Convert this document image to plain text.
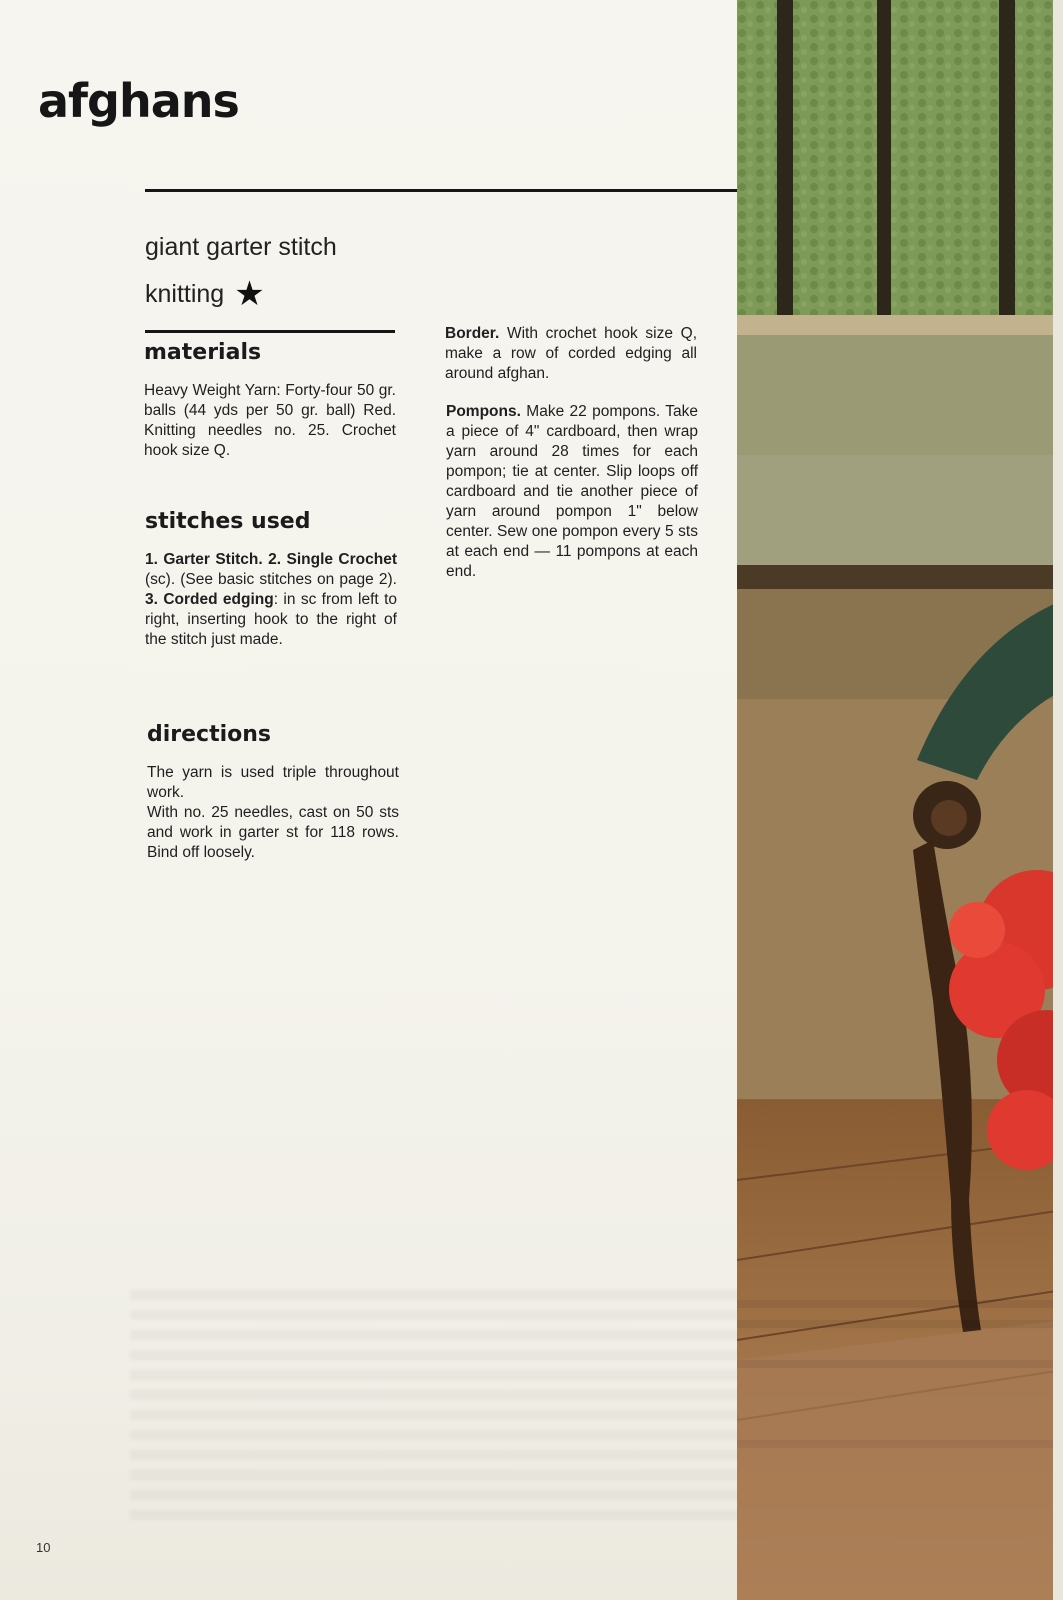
afghans
giant garter stitch
knitting ★
materials

Heavy Weight Yarn: Forty-four 50 gr. balls (44 yds per 50 gr. ball) Red. Knitting needles no. 25. Crochet hook size Q.

stitches used

1. Garter Stitch. 2. Single Crochet (sc). (See basic stitches on page 2). 3. Corded edging: in sc from left to right, inserting hook to the right of the stitch just made.

directions

The yarn is used triple throughout work.

With no. 25 needles, cast on 50 sts and work in garter st for 118 rows. Bind off loosely.

Border. With crochet hook size Q, make a row of corded edging all around afghan.

Pompons. Make 22 pompons. Take a piece of 4" cardboard, then wrap yarn around 28 times for each pompon; tie at center. Slip loops off cardboard and tie another piece of yarn around pompon 1" below center. Sew one pompon every 5 sts at each end — 11 pompons at each end.

10
